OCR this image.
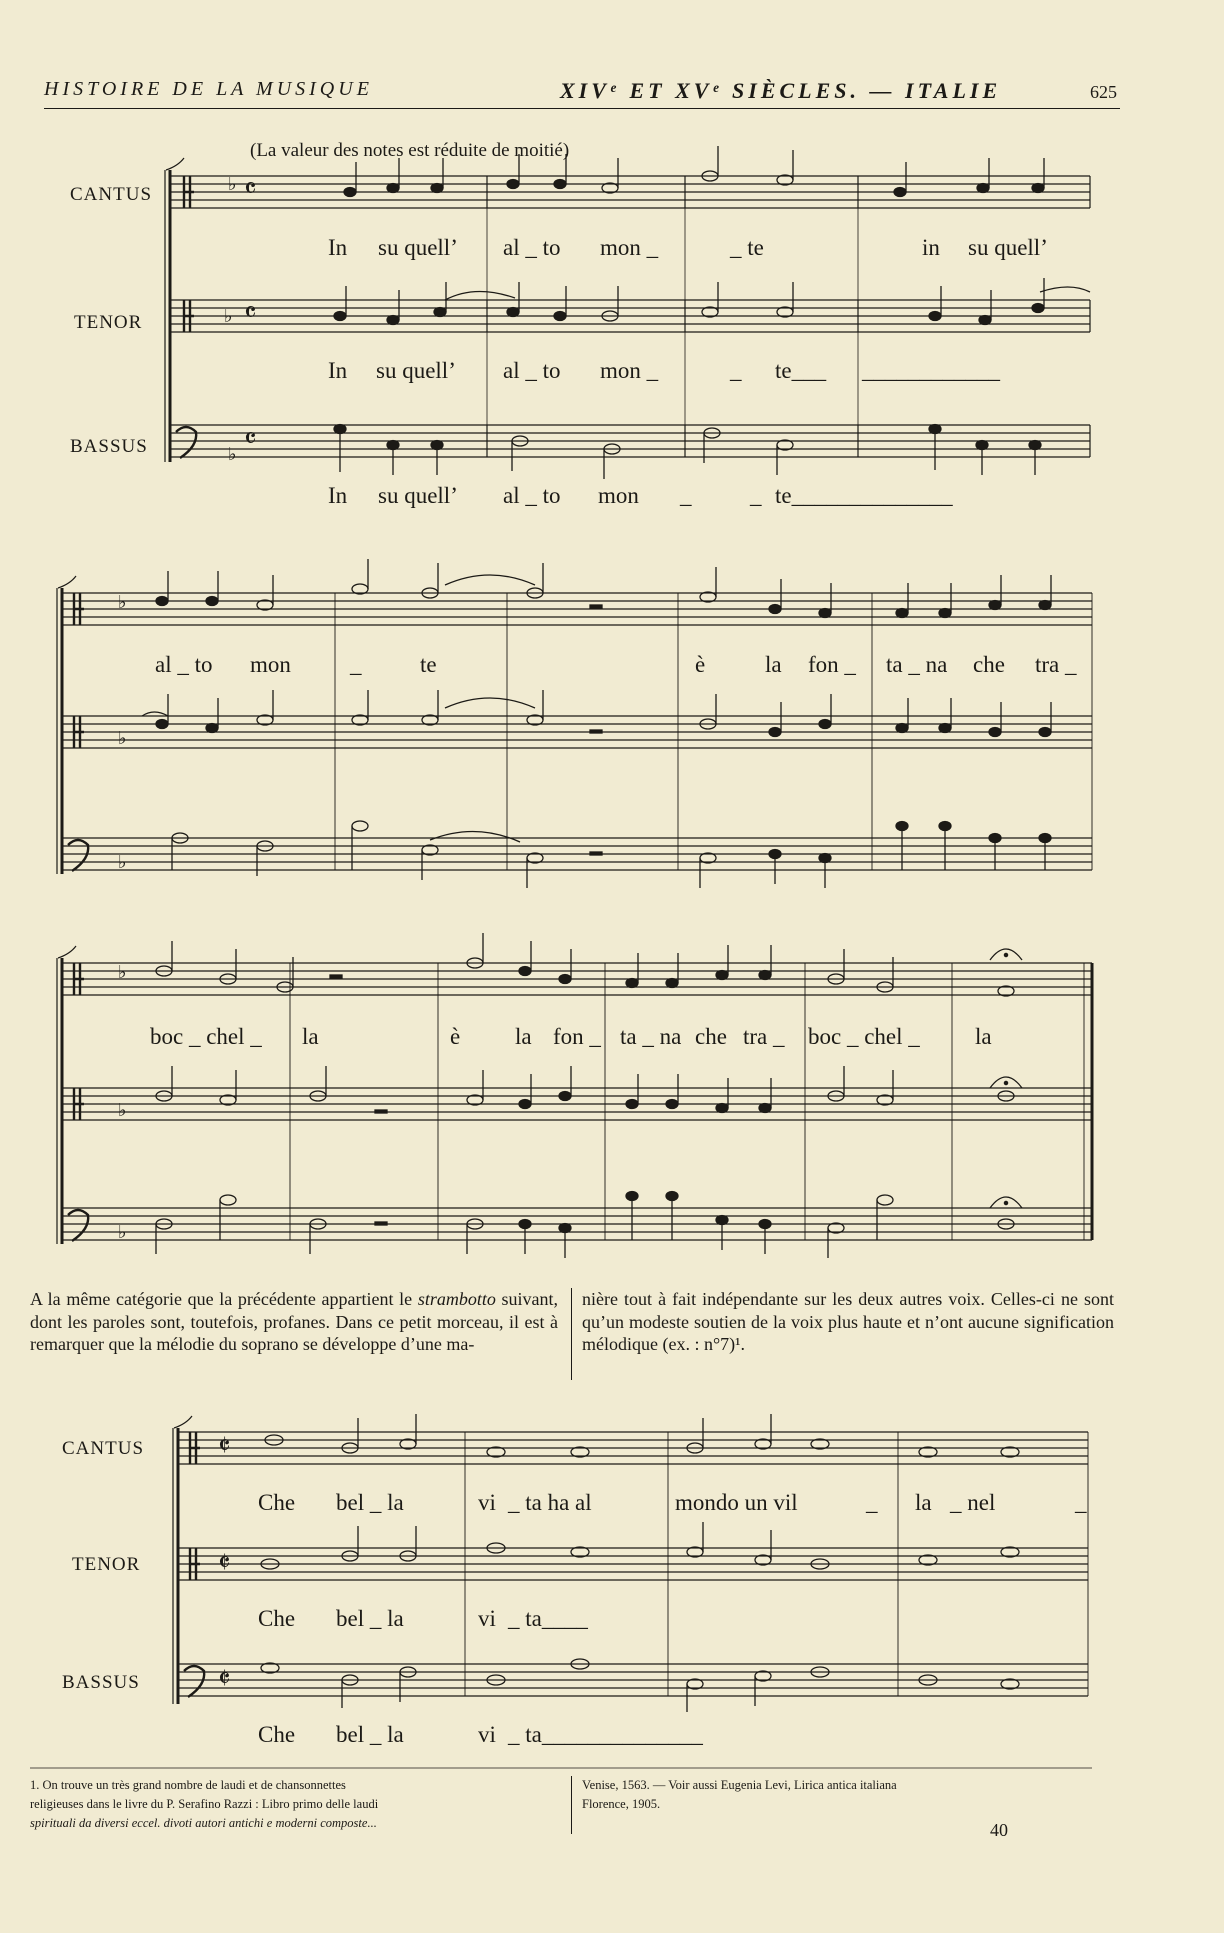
HISTOIRE DE LA MUSIQUE	XIVᵉ ET XVᵉ SIÈCLES. — ITALIE	625
(La valeur des notes est réduite de moitié)
CANTUS
TENOR
BASSUS
CANTUS
TENOR
BASSUS
𝄴
𝄴
𝄴
♭
♭
♭
♭
♭
♭
♭
♭
♭
𝄵
𝄵
𝄵
In su quell’ al _ to mon _	_ te	in su quell’
In su quell’ al _ to mon _	_ te___ ____________
In su quell’ al _ to mon _	_ te______________
al _ to mon	_	te	è	la fon _ ta _ na che tra _
boc _ chel _ la	è la fon _ ta _ na che tra _ boc _ chel _ la
Che bel _ la	vi _ ta ha al	mondo un vil	_ la _ nel	_
Che bel _ la	vi _ ta____
Che bel _ la	vi _ ta______________
A la même catégorie que la précédente appartient le strambotto suivant, dont les paroles sont, toutefois, profanes. Dans ce petit morceau, il est à remarquer que la mélodie du soprano se développe d’une ma-
nière tout à fait indépendante sur les deux autres voix. Celles-ci ne sont qu’un modeste soutien de la voix plus haute et n’ont aucune signification mélodique (ex. : n°7)¹.
1. On trouve un très grand nombre de laudi et de chansonnettes
religieuses dans le livre du P. Serafino Razzi : Libro primo delle laudi
spirituali da diversi eccel. divoti autori antichi e moderni composte...
Venise, 1563. — Voir aussi Eugenia Levi, Lirica antica italiana
Florence, 1905.
40
